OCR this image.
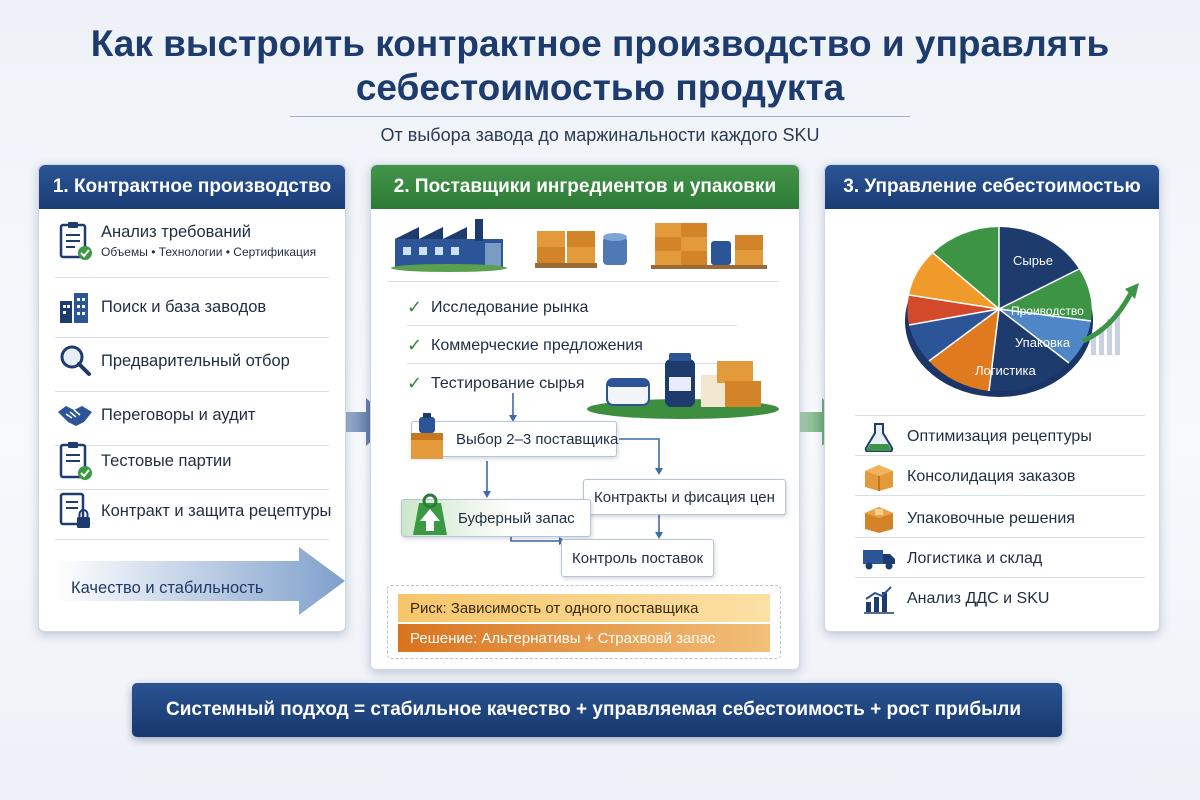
Как выстроить контрактное производство и управлять
себестоимостью продукта
От выбора завода до маржинальности каждого SKU
1. Контрактное производство
Анализ требований
Объемы • Технологии • Сертификация
Поиск и база заводов
Предварительный отбор
Переговоры и аудит
Тестовые партии
Контракт и защита рецептуры
Качество и стабильность
2. Поставщики ингредиентов и упаковки
✓ Исследование рынка
✓ Коммерческие предложения
✓ Тестирование сырья
Выбор 2–3 поставщика
Контракты и фисация цен
Буферный запас
Контроль поставок
Риск: Зависимость от одного поставщика
Решение: Альтернативы + Страхвовй запас
3. Управление себестоимостью
Сырье
Проиводство
Упаковка
Логистика
Оптимизация рецептуры
Консолидация заказов
Упаковочные решения
Логистика и склад
Анализ ДДС и SKU
Системный подход = стабильное качество + управляемая себестоимость + рост прибыли
